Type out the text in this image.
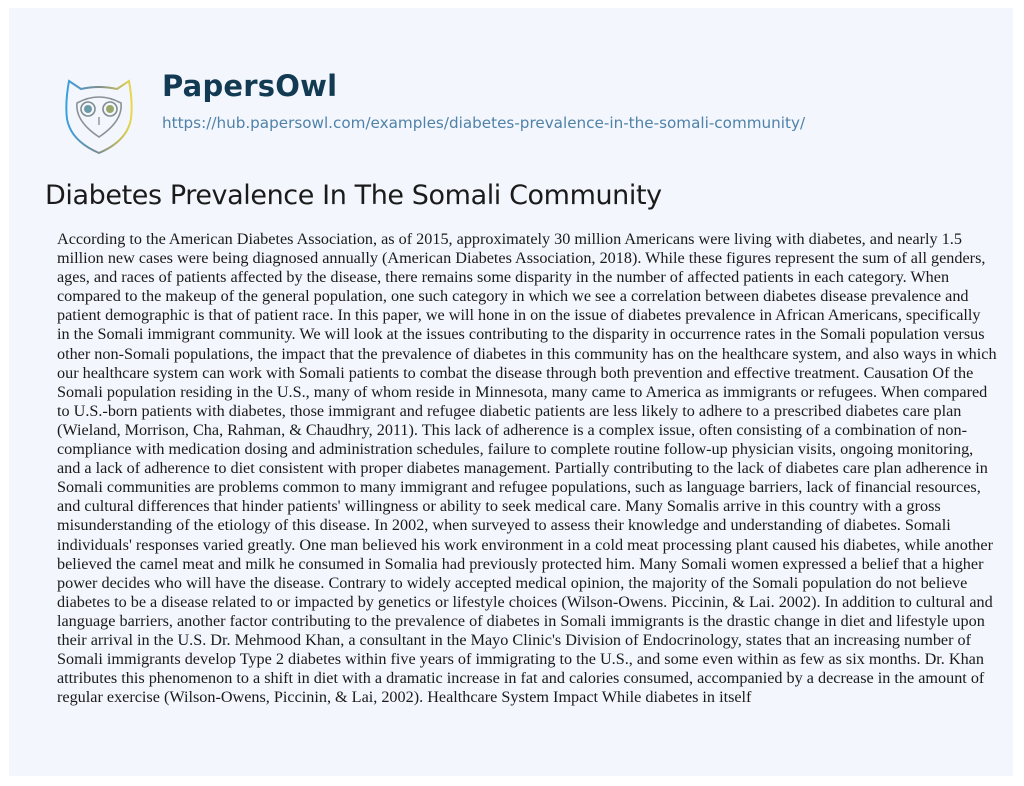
PapersOwl
https://hub.papersowl.com/examples/diabetes-prevalence-in-the-somali-community/
Diabetes Prevalence In The Somali Community

According to the American Diabetes Association, as of 2015, approximately 30 million Americans were living with diabetes, and nearly 1.5
million new cases were being diagnosed annually (American Diabetes Association, 2018). While these figures represent the sum of all genders,
ages, and races of patients affected by the disease, there remains some disparity in the number of affected patients in each category. When
compared to the makeup of the general population, one such category in which we see a correlation between diabetes disease prevalence and
patient demographic is that of patient race. In this paper, we will hone in on the issue of diabetes prevalence in African Americans, specifically
in the Somali immigrant community. We will look at the issues contributing to the disparity in occurrence rates in the Somali population versus
other non-Somali populations, the impact that the prevalence of diabetes in this community has on the healthcare system, and also ways in which
our healthcare system can work with Somali patients to combat the disease through both prevention and effective treatment. Causation Of the
Somali population residing in the U.S., many of whom reside in Minnesota, many came to America as immigrants or refugees. When compared
to U.S.-born patients with diabetes, those immigrant and refugee diabetic patients are less likely to adhere to a prescribed diabetes care plan
(Wieland, Morrison, Cha, Rahman, & Chaudhry, 2011). This lack of adherence is a complex issue, often consisting of a combination of non-
compliance with medication dosing and administration schedules, failure to complete routine follow-up physician visits, ongoing monitoring,
and a lack of adherence to diet consistent with proper diabetes management. Partially contributing to the lack of diabetes care plan adherence in
Somali communities are problems common to many immigrant and refugee populations, such as language barriers, lack of financial resources,
and cultural differences that hinder patients' willingness or ability to seek medical care. Many Somalis arrive in this country with a gross
misunderstanding of the etiology of this disease. In 2002, when surveyed to assess their knowledge and understanding of diabetes. Somali
individuals' responses varied greatly. One man believed his work environment in a cold meat processing plant caused his diabetes, while another
believed the camel meat and milk he consumed in Somalia had previously protected him. Many Somali women expressed a belief that a higher
power decides who will have the disease. Contrary to widely accepted medical opinion, the majority of the Somali population do not believe
diabetes to be a disease related to or impacted by genetics or lifestyle choices (Wilson-Owens. Piccinin, & Lai. 2002). In addition to cultural and
language barriers, another factor contributing to the prevalence of diabetes in Somali immigrants is the drastic change in diet and lifestyle upon
their arrival in the U.S. Dr. Mehmood Khan, a consultant in the Mayo Clinic's Division of Endocrinology, states that an increasing number of
Somali immigrants develop Type 2 diabetes within five years of immigrating to the U.S., and some even within as few as six months. Dr. Khan
attributes this phenomenon to a shift in diet with a dramatic increase in fat and calories consumed, accompanied by a decrease in the amount of
regular exercise (Wilson-Owens, Piccinin, & Lai, 2002). Healthcare System Impact While diabetes in itself
